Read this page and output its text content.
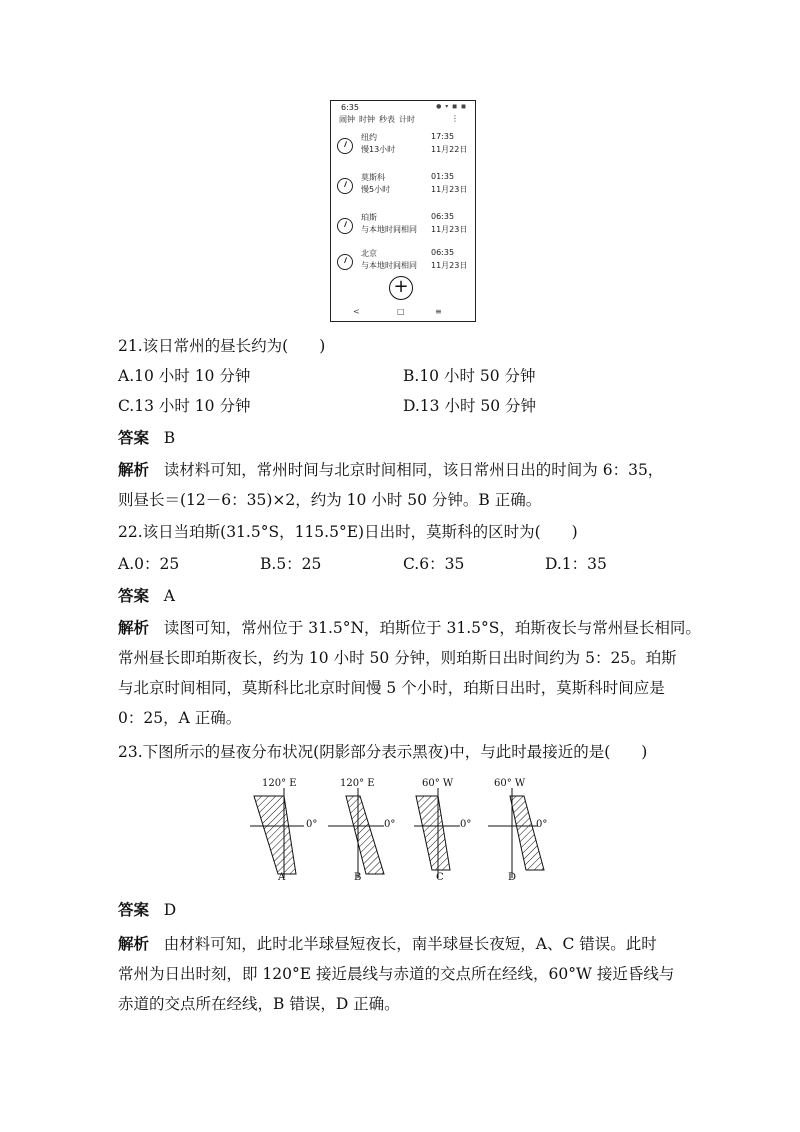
6:35	● ▾ ◼ ◼
闹钟 时钟 秒表 计时	⋮
纽约
慢13小时
17:35
11月22日
莫斯科
慢5小时
01:35
11月23日
珀斯
与本地时间相同
06:35
11月23日
北京
与本地时间相同
06:35
11月23日
+
<	□	≡
21.该日常州的昼长约为(　　)
A.10 小时 10 分钟	B.10 小时 50 分钟
C.13 小时 10 分钟	D.13 小时 50 分钟
答案 B
解析 读材料可知，常州时间与北京时间相同，该日常州日出的时间为 6：35，
则昼长＝(12－6：35)×2，约为 10 小时 50 分钟。B 正确。
22.该日当珀斯(31.5°S，115.5°E)日出时，莫斯科的区时为(　　)
A.0：25	B.5：25	C.6：35	D.1：35
答案 A
解析 读图可知，常州位于 31.5°N，珀斯位于 31.5°S，珀斯夜长与常州昼长相同。
常州昼长即珀斯夜长，约为 10 小时 50 分钟，则珀斯日出时间约为 5：25。珀斯
与北京时间相同，莫斯科比北京时间慢 5 个小时，珀斯日出时，莫斯科时间应是
0：25，A 正确。
23.下图所示的昼夜分布状况(阴影部分表示黑夜)中，与此时最接近的是(　　)
120° E
0°
A
120° E
0°
B
60° W
0°
C
60° W
0°
D
答案 D
解析 由材料可知，此时北半球昼短夜长，南半球昼长夜短，A、C 错误。此时
常州为日出时刻，即 120°E 接近晨线与赤道的交点所在经线，60°W 接近昏线与
赤道的交点所在经线，B 错误，D 正确。
